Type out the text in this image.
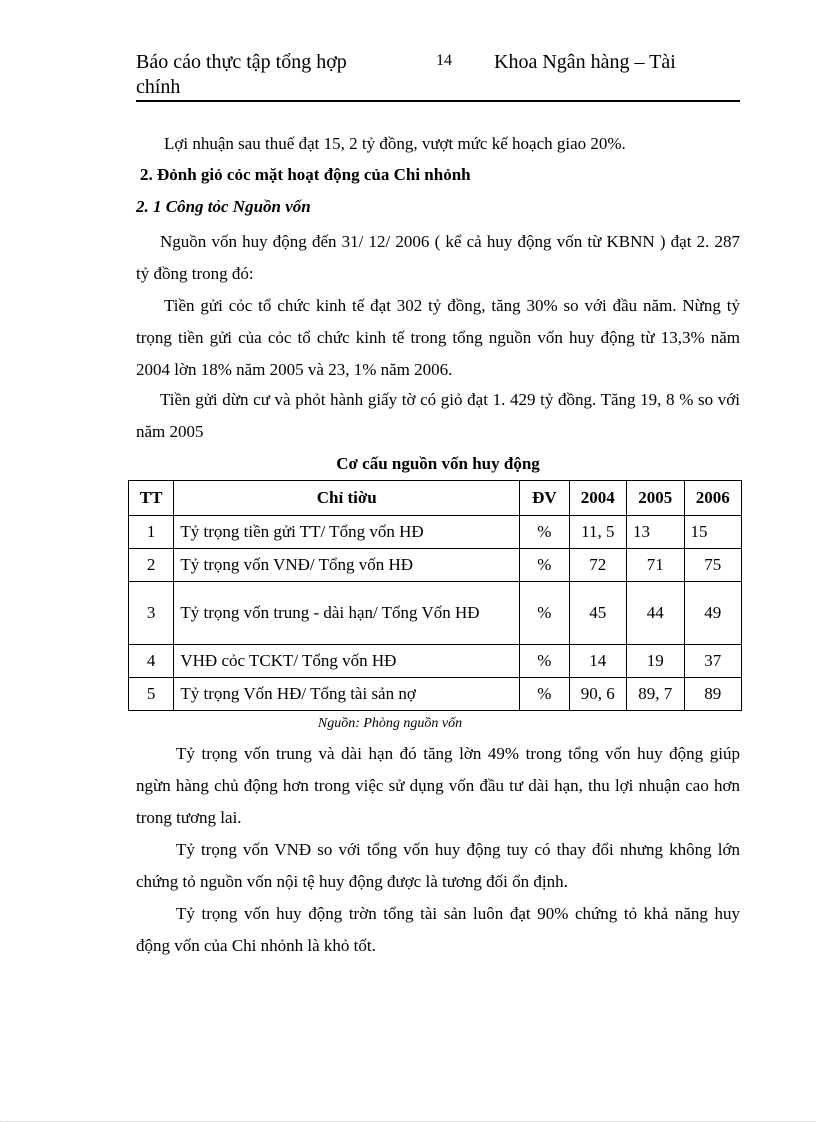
Báo cáo thực tập tổng hợp chính
14 Khoa Ngân hàng – Tài
Lợi nhuận sau thuế đạt 15, 2 tỷ đồng, vượt mức kế hoạch giao 20%.
2. Đỏnh giỏ cỏc mặt hoạt động của Chi nhỏnh
2. 1 Công tỏc Nguồn vốn
Nguồn vốn huy động đến 31/ 12/ 2006 ( kể cả huy động vốn từ KBNN ) đạt 2. 287 tỷ đồng trong đó:
Tiền gửi cỏc tổ chức kinh tế đạt 302 tỷ đồng, tăng 30% so với đầu năm. Nừng tỷ trọng tiền gửi của cỏc tổ chức kinh tế trong tổng nguồn vốn huy động từ 13,3% năm 2004 lờn 18% năm 2005 và 23, 1% năm 2006.
Tiền gửi dừn cư và phỏt hành giấy tờ có giỏ đạt 1. 429 tỷ đồng. Tăng 19, 8 % so với năm 2005
Cơ cấu nguồn vốn huy động
TT	Chỉ tiờu	ĐV	2004	2005	2006
1	Tỷ trọng tiền gửi TT/ Tổng vốn HĐ	%	11, 5	13	15
2	Tỷ trọng vốn VNĐ/ Tổng vốn HĐ	%	72	71	75
3	Tỷ trọng vốn trung - dài hạn/ Tổng Vốn HĐ	%	45	44	49
4	VHĐ cỏc TCKT/ Tổng vốn HĐ	%	14	19	37
5	Tỷ trọng Vốn HĐ/ Tổng tài sản nợ	%	90, 6	89, 7	89
Nguồn: Phòng nguồn vốn
Tỷ trọng vốn trung và dài hạn đó tăng lờn 49% trong tổng vốn huy động giúp ngừn hàng chủ động hơn trong việc sử dụng vốn đầu tư dài hạn, thu lợi nhuận cao hơn trong tương lai.
Tỷ trọng vốn VNĐ so với tổng vốn huy động tuy có thay đổi nhưng không lớn chứng tỏ nguồn vốn nội tệ huy động được là tương đối ổn định.
Tỷ trọng vốn huy động trờn tổng tài sản luôn đạt 90% chứng tỏ khả năng huy động vốn của Chi nhỏnh là khỏ tốt.
